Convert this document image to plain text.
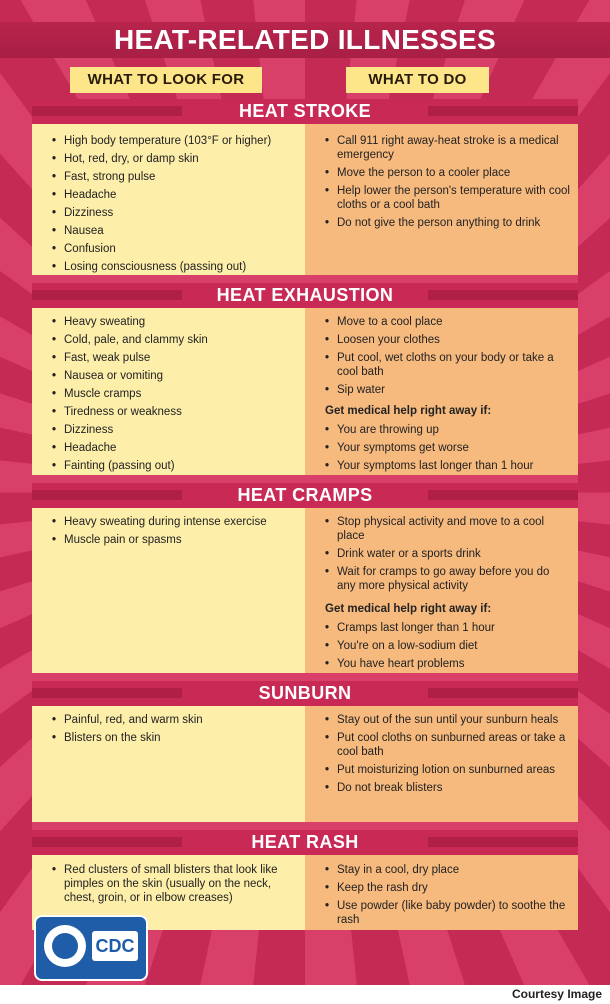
HEAT-RELATED ILLNESSES
WHAT TO LOOK FOR	WHAT TO DO
HEAT STROKE
• High body temperature (103°F or higher)
• Hot, red, dry, or damp skin
• Fast, strong pulse
• Headache
• Dizziness
• Nausea
• Confusion
• Losing consciousness (passing out)
• Call 911 right away-heat stroke is a medical emergency
• Move the person to a cooler place
• Help lower the person's temperature with cool cloths or a cool bath
• Do not give the person anything to drink
HEAT EXHAUSTION
• Heavy sweating
• Cold, pale, and clammy skin
• Fast, weak pulse
• Nausea or vomiting
• Muscle cramps
• Tiredness or weakness
• Dizziness
• Headache
• Fainting (passing out)
• Move to a cool place
• Loosen your clothes
• Put cool, wet cloths on your body or take a cool bath
• Sip water
Get medical help right away if:
• You are throwing up
• Your symptoms get worse
• Your symptoms last longer than 1 hour
HEAT CRAMPS
• Heavy sweating during intense exercise
• Muscle pain or spasms
• Stop physical activity and move to a cool place
• Drink water or a sports drink
• Wait for cramps to go away before you do any more physical activity
Get medical help right away if:
• Cramps last longer than 1 hour
• You're on a low-sodium diet
• You have heart problems
SUNBURN
• Painful, red, and warm skin
• Blisters on the skin
• Stay out of the sun until your sunburn heals
• Put cool cloths on sunburned areas or take a cool bath
• Put moisturizing lotion on sunburned areas
• Do not break blisters
HEAT RASH
• Red clusters of small blisters that look like pimples on the skin (usually on the neck, chest, groin, or in elbow creases)
• Stay in a cool, dry place
• Keep the rash dry
• Use powder (like baby powder) to soothe the rash
CDC
Courtesy Image
